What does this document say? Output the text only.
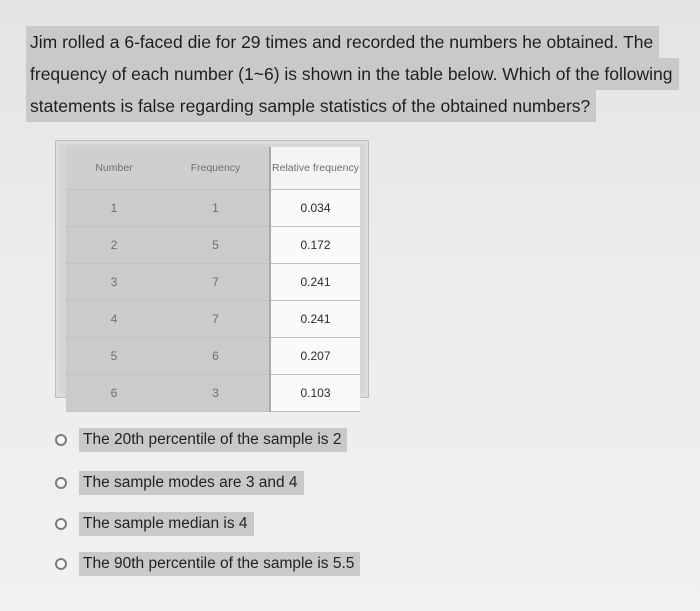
Jim rolled a 6-faced die for 29 times and recorded the numbers he obtained. The
frequency of each number (1~6) is shown in the table below. Which of the following
statements is false regarding sample statistics of the obtained numbers?
Number	Frequency	Relative frequency
1	1	0.034
2	5	0.172
3	7	0.241
4	7	0.241
5	6	0.207
6	3	0.103
The 20th percentile of the sample is 2
The sample modes are 3 and 4
The sample median is 4
The 90th percentile of the sample is 5.5
